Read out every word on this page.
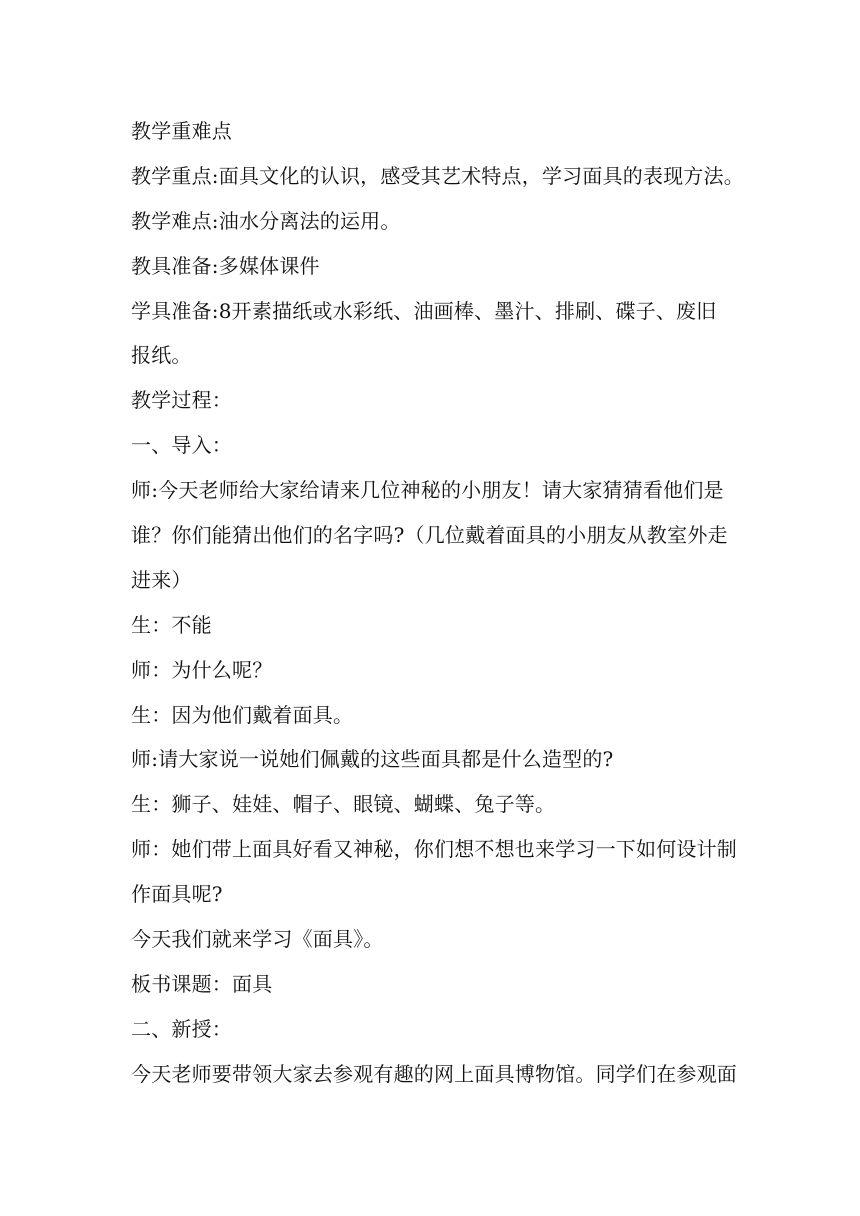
教学重难点
教学重点:面具文化的认识，感受其艺术特点，学习面具的表现方法。
教学难点:油水分离法的运用。
教具准备:多媒体课件
学具准备:8开素描纸或水彩纸、油画棒、墨汁、排刷、碟子、废旧
报纸。
教学过程：
一、导入：
师:今天老师给大家给请来几位神秘的小朋友！请大家猜猜看他们是
谁？你们能猜出他们的名字吗?（几位戴着面具的小朋友从教室外走
进来）
生：不能
师：为什么呢？
生：因为他们戴着面具。
师:请大家说一说她们佩戴的这些面具都是什么造型的?
生：狮子、娃娃、帽子、眼镜、蝴蝶、兔子等。
师：她们带上面具好看又神秘，你们想不想也来学习一下如何设计制
作面具呢?
今天我们就来学习《面具》。
板书课题：面具
二、新授：
今天老师要带领大家去参观有趣的网上面具博物馆。同学们在参观面
